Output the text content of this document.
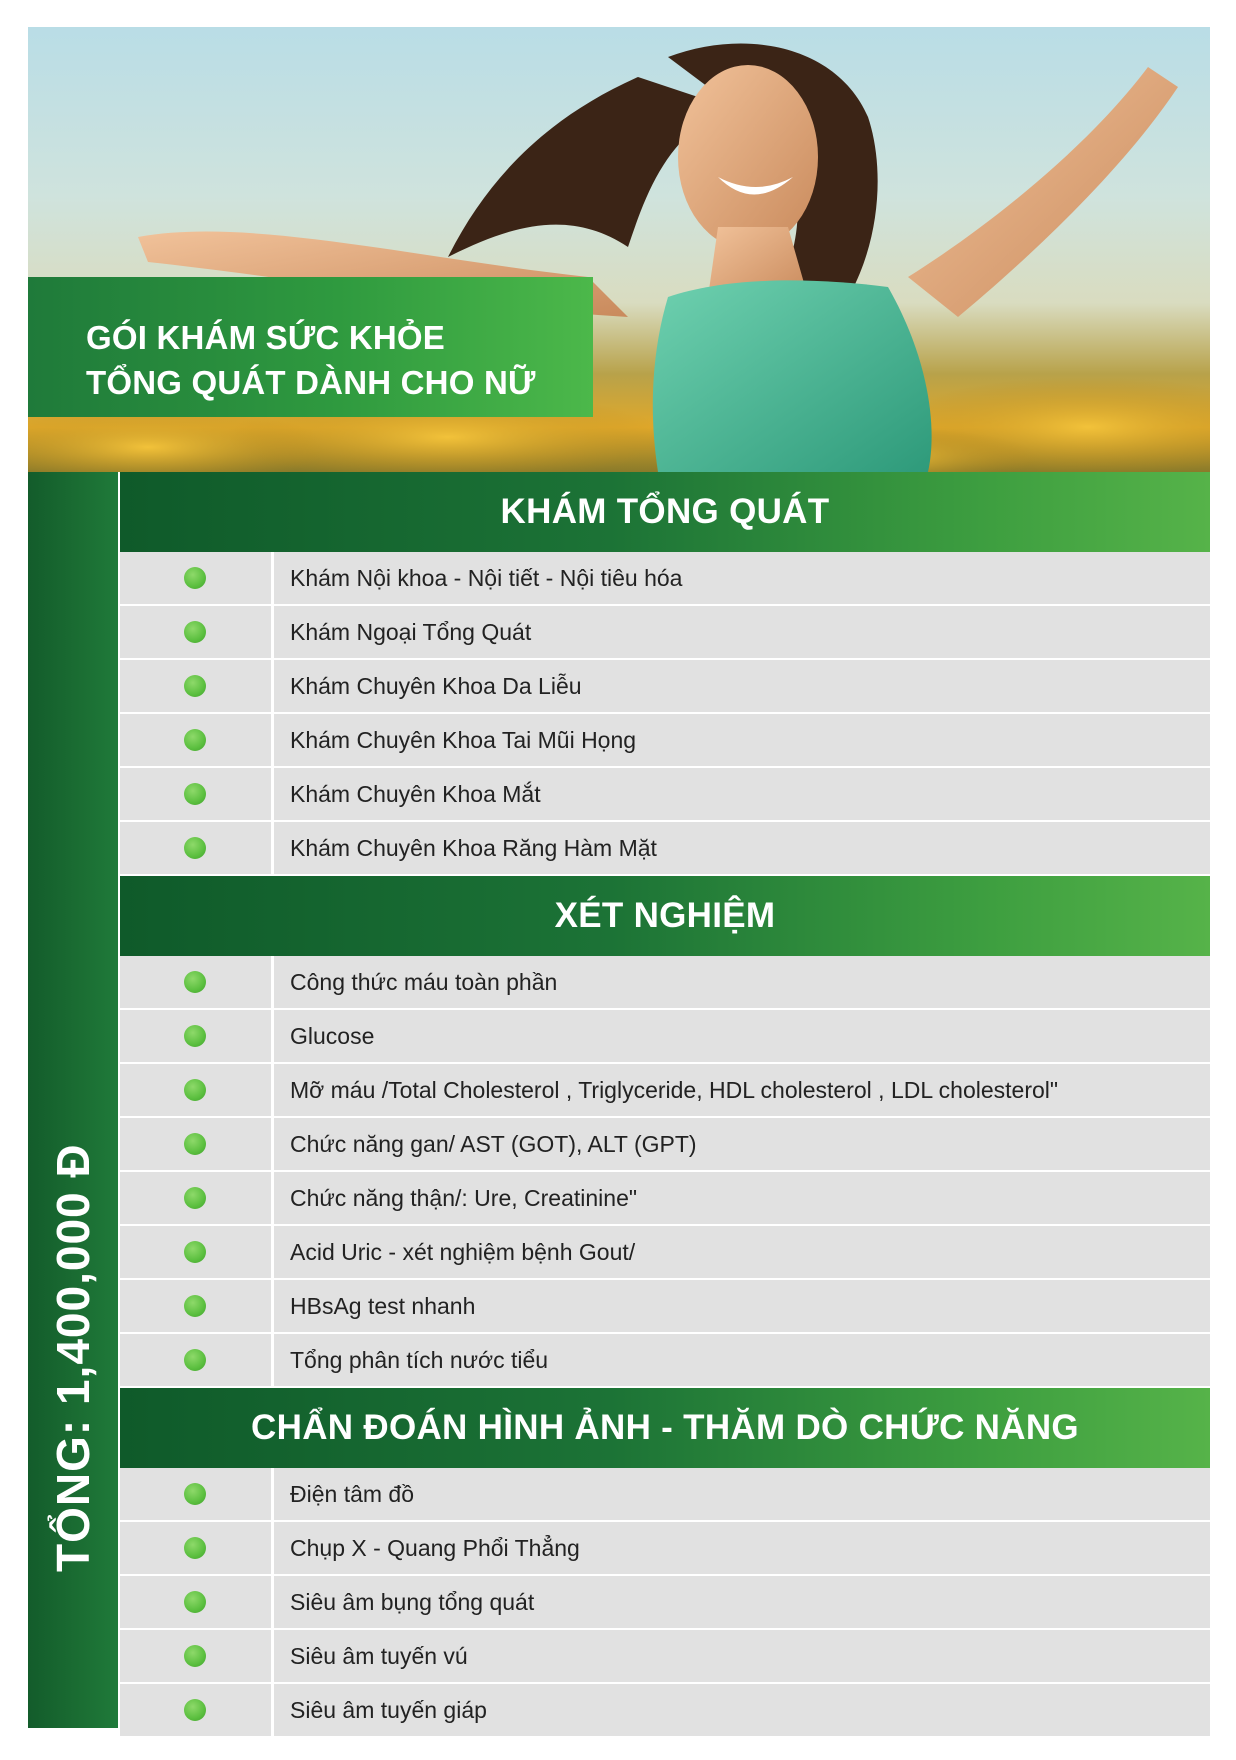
GÓI KHÁM SỨC KHỎE
TỔNG QUÁT DÀNH CHO NỮ
TỔNG: 1,400,000 Đ
KHÁM TỔNG QUÁT
Khám Nội khoa - Nội tiết - Nội tiêu hóa
Khám Ngoại Tổng Quát
Khám Chuyên Khoa Da Liễu
Khám Chuyên Khoa Tai Mũi Họng
Khám Chuyên Khoa Mắt
Khám Chuyên Khoa Răng Hàm Mặt
XÉT NGHIỆM
Công thức máu toàn phần
Glucose
Mỡ máu /Total Cholesterol , Triglyceride, HDL cholesterol , LDL cholesterol"
Chức năng gan/ AST (GOT), ALT (GPT)
Chức năng thận/: Ure, Creatinine"
Acid Uric - xét nghiệm bệnh Gout/
HBsAg test nhanh
Tổng phân tích nước tiểu
CHẨN ĐOÁN HÌNH ẢNH - THĂM DÒ CHỨC NĂNG
Điện tâm đồ
Chụp X - Quang Phổi Thẳng
Siêu âm bụng tổng quát
Siêu âm tuyến vú
Siêu âm tuyến giáp
